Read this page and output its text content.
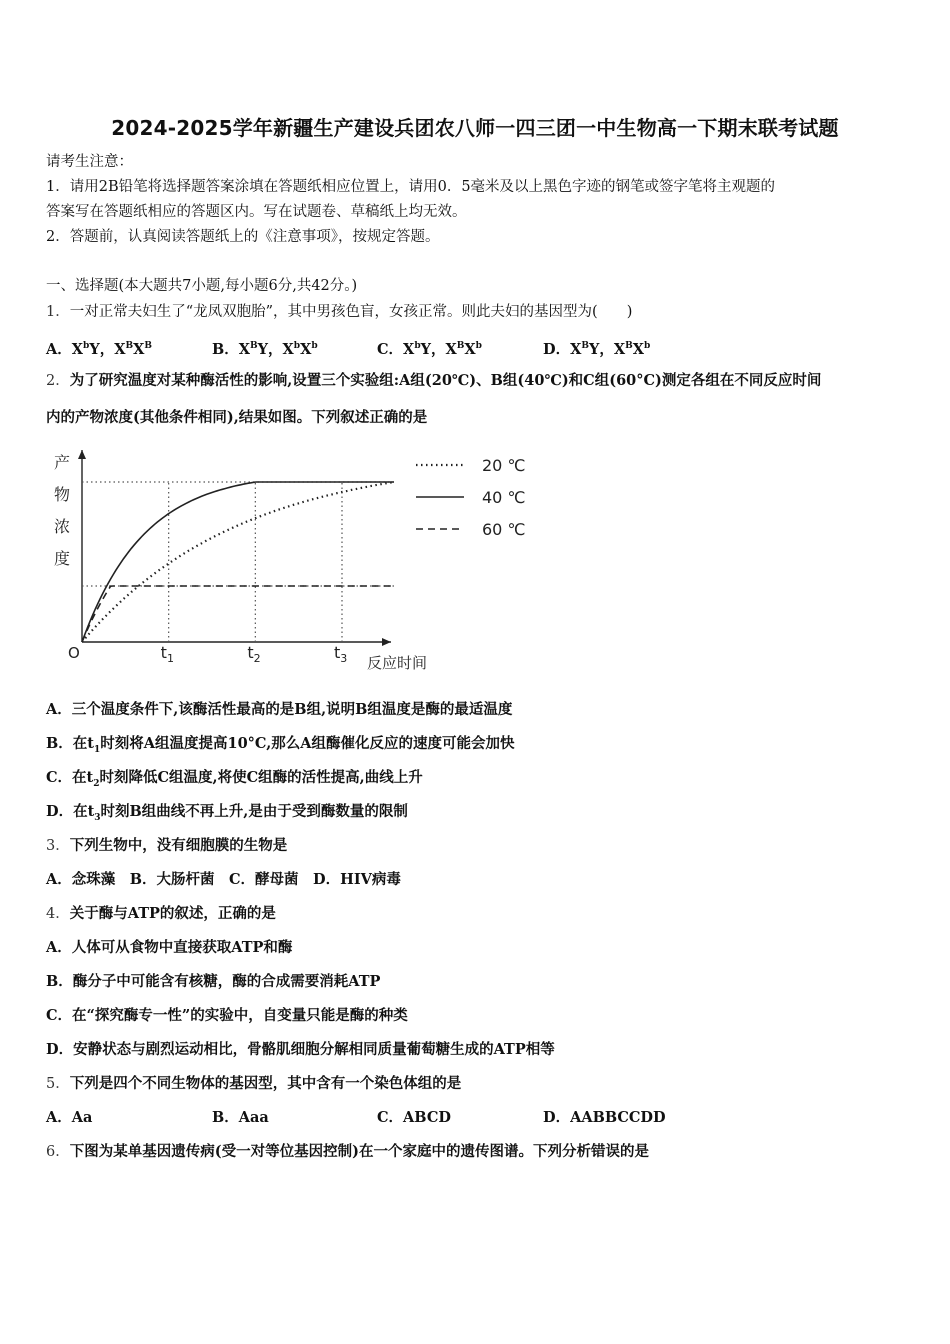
2024-2025学年新疆生产建设兵团农八师一四三团一中生物高一下期末联考试题
请考生注意：
1．请用2B铅笔将选择题答案涂填在答题纸相应位置上，请用0．5毫米及以上黑色字迹的钢笔或签字笔将主观题的
答案写在答题纸相应的答题区内。写在试题卷、草稿纸上均无效。
2．答题前，认真阅读答题纸上的《注意事项》，按规定答题。
一、选择题(本大题共7小题,每小题6分,共42分。)
1．一对正常夫妇生了“龙凤双胞胎”，其中男孩色盲，女孩正常。则此夫妇的基因型为(　　)
A．$X^bY$，$X^BX^B$	B．$X^BY$，$X^bX^b$	C．$X^bY$，$X^BX^b$	D．$X^BY$，$X^BX^b$
2．为了研究温度对某种酶活性的影响,设置三个实验组:A组(20℃)、B组(40℃)和C组(60°C)测定各组在不同反应时间
内的产物浓度(其他条件相同),结果如图。下列叙述正确的是
产
物
浓
度
O	$t_1$	$t_2$	$t_3$ 反应时间
20 ℃
40 ℃
60 ℃
A．三个温度条件下,该酶活性最高的是B组,说明B组温度是酶的最适温度
B．在$t_1$时刻将A组温度提高10°C,那么A组酶催化反应的速度可能会加快
C．在$t_2$时刻降低C组温度,将使C组酶的活性提高,曲线上升
D．在$t_3$时刻B组曲线不再上升,是由于受到酶数量的限制
3．下列生物中，没有细胞膜的生物是
A．念珠藻　B．大肠杆菌　C．酵母菌　D．HIV病毒
4．关于酶与ATP的叙述，正确的是
A．人体可从食物中直接获取ATP和酶
B．酶分子中可能含有核糖，酶的合成需要消耗ATP
C．在“探究酶专一性”的实验中，自变量只能是酶的种类
D．安静状态与剧烈运动相比，骨骼肌细胞分解相同质量葡萄糖生成的ATP相等
5．下列是四个不同生物体的基因型，其中含有一个染色体组的是
A．Aa	B．Aaa	C．ABCD	D．AABBCCDD
6．下图为某单基因遗传病(受一对等位基因控制)在一个家庭中的遗传图谱。下列分析错误的是
